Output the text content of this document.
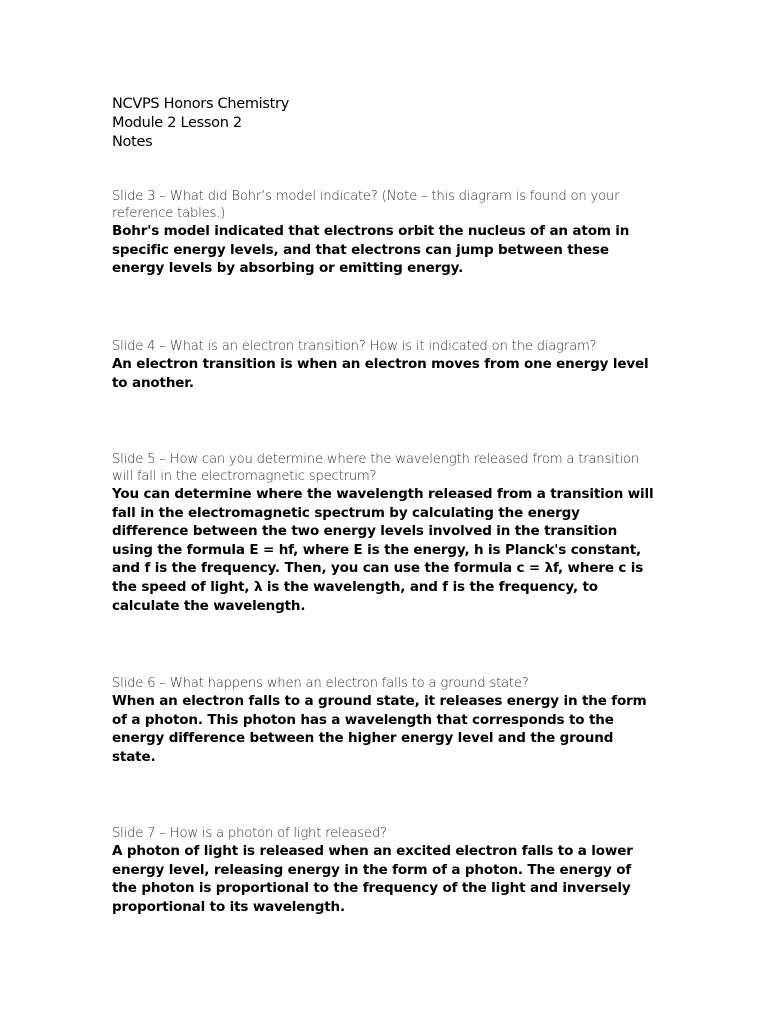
NCVPS Honors Chemistry

Module 2 Lesson 2

Notes

Slide 3 – What did Bohr’s model indicate? (Note – this diagram is found on your reference tables.)

Bohr's model indicated that electrons orbit the nucleus of an atom in specific energy levels, and that electrons can jump between these energy levels by absorbing or emitting energy.

Slide 4 – What is an electron transition? How is it indicated on the diagram?

An electron transition is when an electron moves from one energy level to another.

Slide 5 – How can you determine where the wavelength released from a transition will fall in the electromagnetic spectrum?

You can determine where the wavelength released from a transition will fall in the electromagnetic spectrum by calculating the energy difference between the two energy levels involved in the transition using the formula E = hf, where E is the energy, h is Planck's constant, and f is the frequency. Then, you can use the formula c = λf, where c is the speed of light, λ is the wavelength, and f is the frequency, to calculate the wavelength.

Slide 6 – What happens when an electron falls to a ground state?

When an electron falls to a ground state, it releases energy in the form of a photon. This photon has a wavelength that corresponds to the energy difference between the higher energy level and the ground state.

Slide 7 – How is a photon of light released?

A photon of light is released when an excited electron falls to a lower energy level, releasing energy in the form of a photon. The energy of the photon is proportional to the frequency of the light and inversely proportional to its wavelength.
